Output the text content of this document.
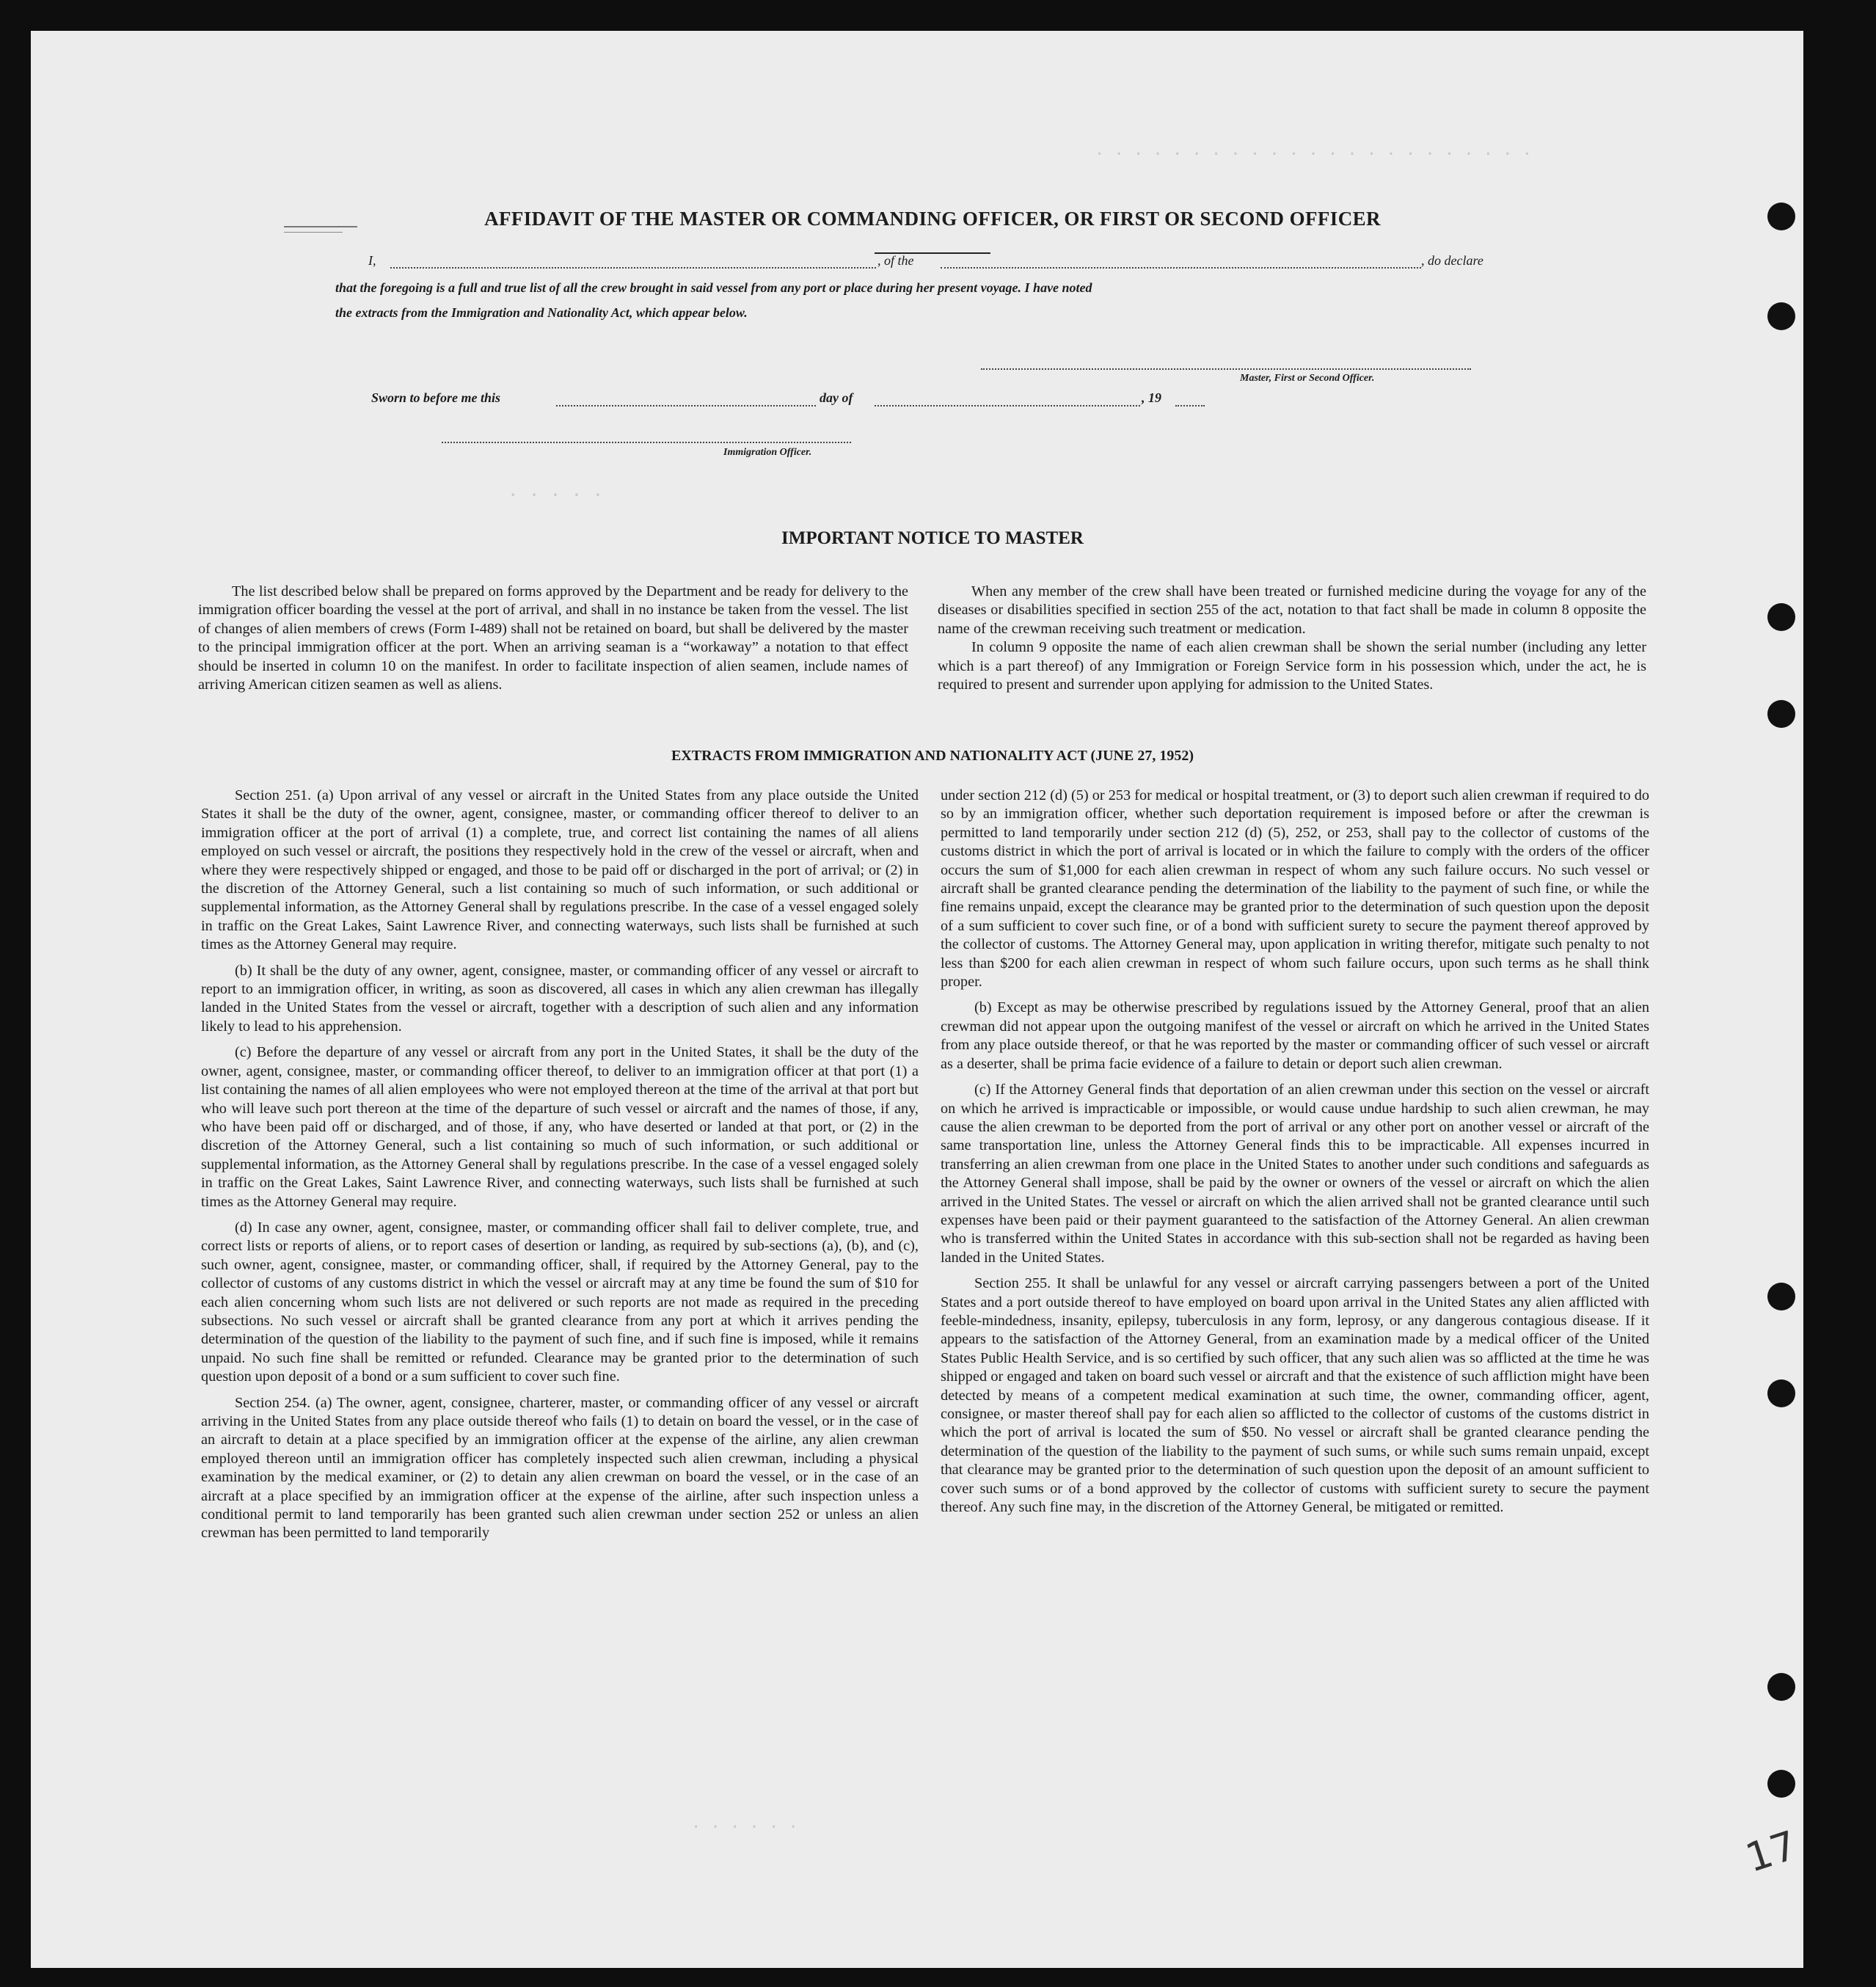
. . . . . . . . . . . . . . . . . . . . . . .
. . . . .
. . . . . .
AFFIDAVIT OF THE MASTER OR COMMANDING OFFICER, OR FIRST OR SECOND OFFICER
I,	, of the	, do declare
that the foregoing is a full and true list of all the crew brought in said vessel from any port or place during her present voyage. I have noted
the extracts from the Immigration and Nationality Act, which appear below.
Master, First or Second Officer.
Sworn to before me this	day of	, 19
Immigration Officer.
IMPORTANT NOTICE TO MASTER

The list described below shall be prepared on forms approved by the Department and be ready for delivery to the immigration officer boarding the vessel at the port of arrival, and shall in no instance be taken from the vessel. The list of changes of alien members of crews (Form I-489) shall not be retained on board, but shall be delivered by the master to the principal immigration officer at the port. When an arriving seaman is a “workaway” a notation to that effect should be inserted in column 10 on the manifest. In order to facilitate inspection of alien seamen, include names of arriving American citizen seamen as well as aliens.

When any member of the crew shall have been treated or furnished medicine during the voyage for any of the diseases or disabilities specified in section 255 of the act, notation to that fact shall be made in column 8 opposite the name of the crewman receiving such treatment or medication.

In column 9 opposite the name of each alien crewman shall be shown the serial number (including any letter which is a part thereof) of any Immigration or Foreign Service form in his possession which, under the act, he is required to present and surrender upon applying for admission to the United States.

EXTRACTS FROM IMMIGRATION AND NATIONALITY ACT (JUNE 27, 1952)

Section 251. (a) Upon arrival of any vessel or aircraft in the United States from any place outside the United States it shall be the duty of the owner, agent, consignee, master, or commanding officer thereof to deliver to an immigration officer at the port of arrival (1) a complete, true, and correct list containing the names of all aliens employed on such vessel or aircraft, the positions they respectively hold in the crew of the vessel or aircraft, when and where they were respectively shipped or engaged, and those to be paid off or discharged in the port of arrival; or (2) in the discretion of the Attorney General, such a list containing so much of such information, or such additional or supplemental information, as the Attorney General shall by regulations prescribe. In the case of a vessel engaged solely in traffic on the Great Lakes, Saint Lawrence River, and connecting waterways, such lists shall be furnished at such times as the Attorney General may require.

(b) It shall be the duty of any owner, agent, consignee, master, or commanding officer of any vessel or aircraft to report to an immigration officer, in writing, as soon as discovered, all cases in which any alien crewman has illegally landed in the United States from the vessel or aircraft, together with a description of such alien and any information likely to lead to his apprehension.

(c) Before the departure of any vessel or aircraft from any port in the United States, it shall be the duty of the owner, agent, consignee, master, or commanding officer thereof, to deliver to an immigration officer at that port (1) a list containing the names of all alien employees who were not employed thereon at the time of the arrival at that port but who will leave such port thereon at the time of the departure of such vessel or aircraft and the names of those, if any, who have been paid off or discharged, and of those, if any, who have deserted or landed at that port, or (2) in the discretion of the Attorney General, such a list containing so much of such information, or such additional or supplemental information, as the Attorney General shall by regulations prescribe. In the case of a vessel engaged solely in traffic on the Great Lakes, Saint Lawrence River, and connecting waterways, such lists shall be furnished at such times as the Attorney General may require.

(d) In case any owner, agent, consignee, master, or commanding officer shall fail to deliver complete, true, and correct lists or reports of aliens, or to report cases of desertion or landing, as required by sub-sections (a), (b), and (c), such owner, agent, consignee, master, or commanding officer, shall, if required by the Attorney General, pay to the collector of customs of any customs district in which the vessel or aircraft may at any time be found the sum of $10 for each alien concerning whom such lists are not delivered or such reports are not made as required in the preceding subsections. No such vessel or aircraft shall be granted clearance from any port at which it arrives pending the determination of the question of the liability to the payment of such fine, and if such fine is imposed, while it remains unpaid. No such fine shall be remitted or refunded. Clearance may be granted prior to the determination of such question upon deposit of a bond or a sum sufficient to cover such fine.

Section 254. (a) The owner, agent, consignee, charterer, master, or commanding officer of any vessel or aircraft arriving in the United States from any place outside thereof who fails (1) to detain on board the vessel, or in the case of an aircraft to detain at a place specified by an immigration officer at the expense of the airline, any alien crewman employed thereon until an immigration officer has completely inspected such alien crewman, including a physical examination by the medical examiner, or (2) to detain any alien crewman on board the vessel, or in the case of an aircraft at a place specified by an immigration officer at the expense of the airline, after such inspection unless a conditional permit to land temporarily has been granted such alien crewman under section 252 or unless an alien crewman has been permitted to land temporarily

under section 212 (d) (5) or 253 for medical or hospital treatment, or (3) to deport such alien crewman if required to do so by an immigration officer, whether such deportation requirement is imposed before or after the crewman is permitted to land temporarily under section 212 (d) (5), 252, or 253, shall pay to the collector of customs of the customs district in which the port of arrival is located or in which the failure to comply with the orders of the officer occurs the sum of $1,000 for each alien crewman in respect of whom any such failure occurs. No such vessel or aircraft shall be granted clearance pending the determination of the liability to the payment of such fine, or while the fine remains unpaid, except the clearance may be granted prior to the determination of such question upon the deposit of a sum sufficient to cover such fine, or of a bond with sufficient surety to secure the payment thereof approved by the collector of customs. The Attorney General may, upon application in writing therefor, mitigate such penalty to not less than $200 for each alien crewman in respect of whom such failure occurs, upon such terms as he shall think proper.

(b) Except as may be otherwise prescribed by regulations issued by the Attorney General, proof that an alien crewman did not appear upon the outgoing manifest of the vessel or aircraft on which he arrived in the United States from any place outside thereof, or that he was reported by the master or commanding officer of such vessel or aircraft as a deserter, shall be prima facie evidence of a failure to detain or deport such alien crewman.

(c) If the Attorney General finds that deportation of an alien crewman under this section on the vessel or aircraft on which he arrived is impracticable or impossible, or would cause undue hardship to such alien crewman, he may cause the alien crewman to be deported from the port of arrival or any other port on another vessel or aircraft of the same transportation line, unless the Attorney General finds this to be impracticable. All expenses incurred in transferring an alien crewman from one place in the United States to another under such conditions and safeguards as the Attorney General shall impose, shall be paid by the owner or owners of the vessel or aircraft on which the alien arrived in the United States. The vessel or aircraft on which the alien arrived shall not be granted clearance until such expenses have been paid or their payment guaranteed to the satisfaction of the Attorney General. An alien crewman who is transferred within the United States in accordance with this sub-section shall not be regarded as having been landed in the United States.

Section 255. It shall be unlawful for any vessel or aircraft carrying passengers between a port of the United States and a port outside thereof to have employed on board upon arrival in the United States any alien afflicted with feeble-mindedness, insanity, epilepsy, tuberculosis in any form, leprosy, or any dangerous contagious disease. If it appears to the satisfaction of the Attorney General, from an examination made by a medical officer of the United States Public Health Service, and is so certified by such officer, that any such alien was so afflicted at the time he was shipped or engaged and taken on board such vessel or aircraft and that the existence of such affliction might have been detected by means of a competent medical examination at such time, the owner, commanding officer, agent, consignee, or master thereof shall pay for each alien so afflicted to the collector of customs of the customs district in which the port of arrival is located the sum of $50. No vessel or aircraft shall be granted clearance pending the determination of the question of the liability to the payment of such sums, or while such sums remain unpaid, except that clearance may be granted prior to the determination of such question upon the deposit of an amount sufficient to cover such sums or of a bond approved by the collector of customs with sufficient surety to secure the payment thereof. Any such fine may, in the discretion of the Attorney General, be mitigated or remitted.

17
